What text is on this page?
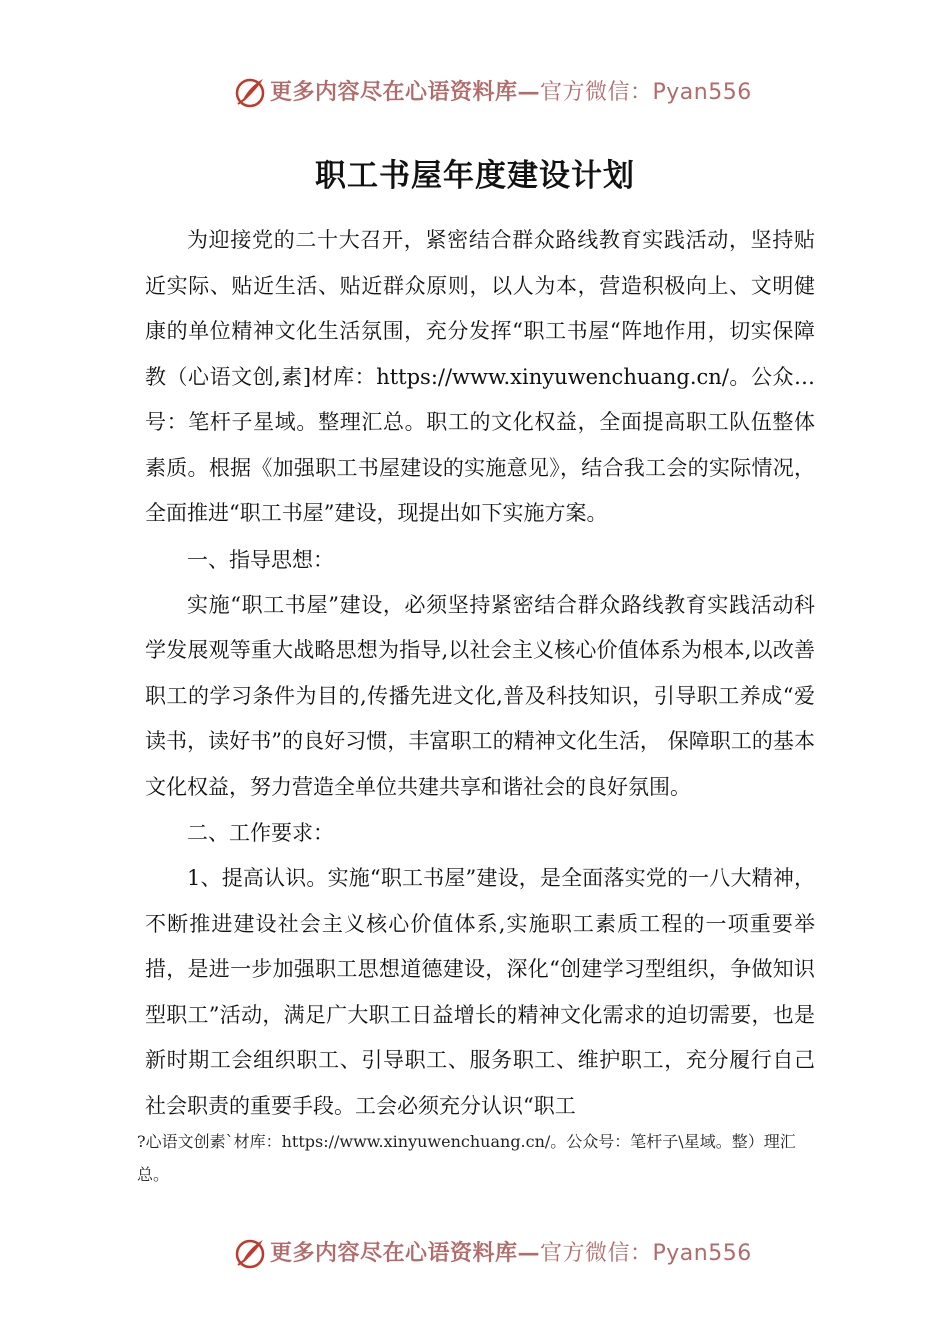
更多内容尽在心语资料库—官方微信：Pyan556
职工书屋年度建设计划

为迎接党的二十大召开，紧密结合群众路线教育实践活动，坚持贴近实际、贴近生活、贴近群众原则，以人为本，营造积极向上、文明健康的单位精神文化生活氛围，充分发挥“职工书屋“阵地作用，切实保障教（心语文创,素]材库：https://www.xinyuwenchuang.cn/。公众…号：笔杆子星域。整理汇总。职工的文化权益，全面提高职工队伍整体素质。根据《加强职工书屋建设的实施意见》，结合我工会的实际情况，全面推进“职工书屋”建设，现提出如下实施方案。

一、指导思想：

实施“职工书屋”建设，必须坚持紧密结合群众路线教育实践活动科学发展观等重大战略思想为指导,以社会主义核心价值体系为根本,以改善职工的学习条件为目的,传播先进文化,普及科技知识，引导职工养成“爱读书，读好书”的良好习惯，丰富职工的精神文化生活， 保障职工的基本文化权益，努力营造全单位共建共享和谐社会的良好氛围。

二、工作要求：

1、提高认识。实施“职工书屋”建设，是全面落实党的一八大精神，不断推进建设社会主义核心价值体系,实施职工素质工程的一项重要举措，是进一步加强职工思想道德建设，深化“创建学习型组织，争做知识型职工”活动，满足广大职工日益增长的精神文化需求的迫切需要，也是新时期工会组织职工、引导职工、服务职工、维护职工，充分履行自己社会职责的重要手段。工会必须充分认识“职工

?心语文创素`材库：https://www.xinyuwenchuang.cn/。公众号：笔杆子\星域。整）理汇总。
更多内容尽在心语资料库—官方微信：Pyan556
